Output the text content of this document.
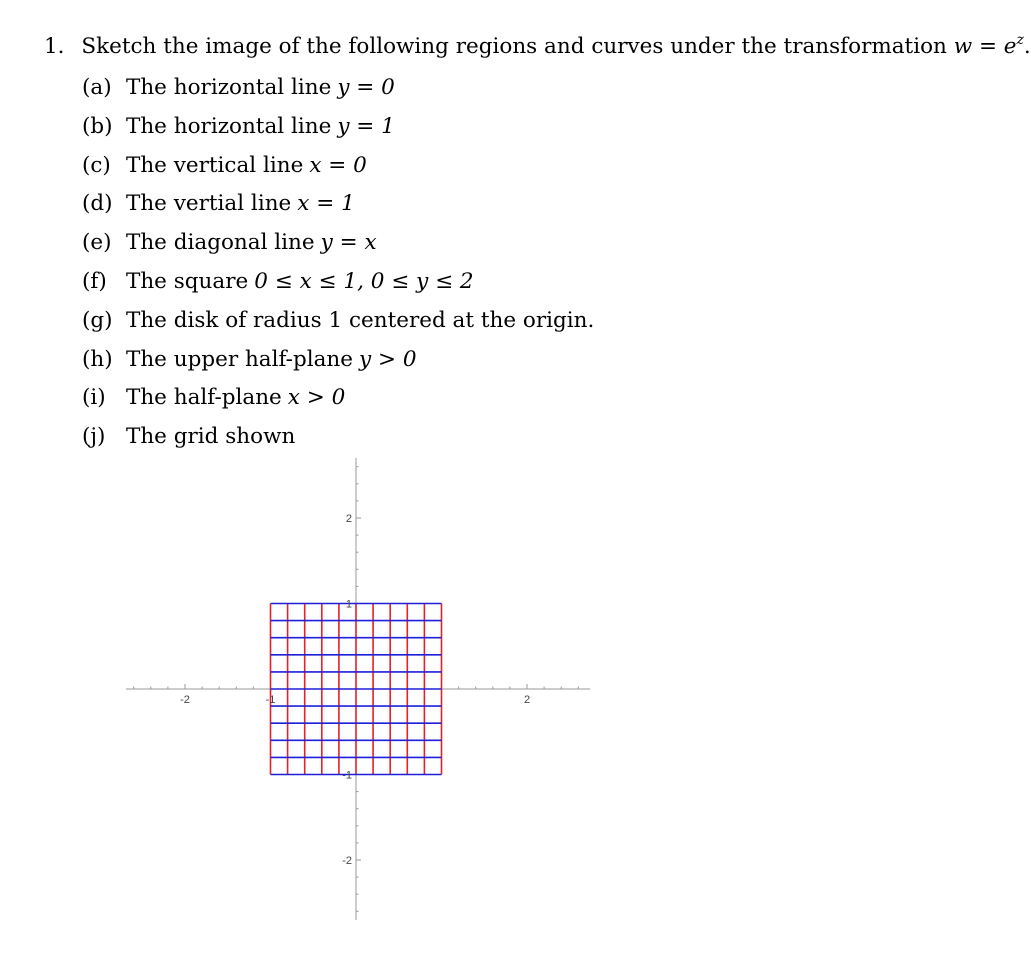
1. Sketch the image of the following regions and curves under the transformation $w = e^z$.
(a) The horizontal line y = 0
(b) The horizontal line y = 1
(c) The vertical line x = 0
(d) The vertial line x = 1
(e) The diagonal line y = x
(f) The square 0 ≤ x ≤ 1, 0 ≤ y ≤ 2
(g) The disk of radius 1 centered at the origin.
(h) The upper half-plane y > 0
(i) The half-plane x > 0
(j) The grid shown
-2	-1	2
2
1
-1
-2
